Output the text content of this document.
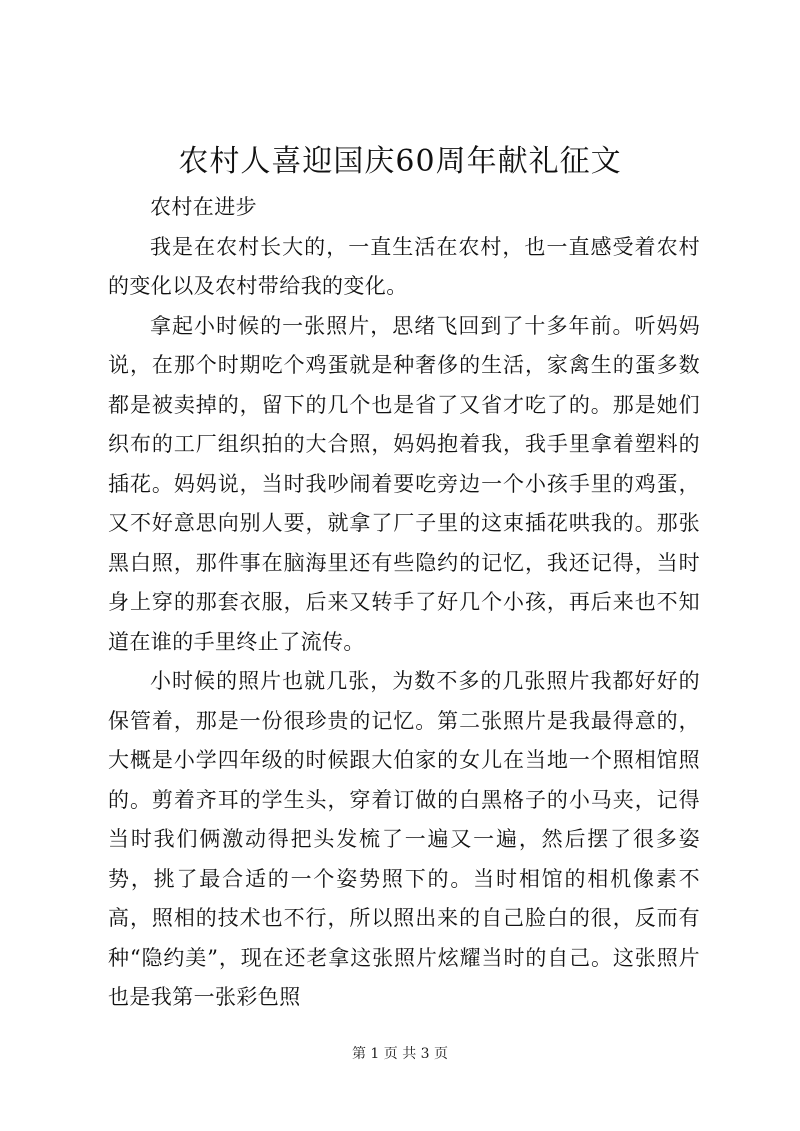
农村人喜迎国庆60周年献礼征文

农村在进步

我是在农村长大的，一直生活在农村，也一直感受着农村的变化以及农村带给我的变化。

拿起小时候的一张照片，思绪飞回到了十多年前。听妈妈说，在那个时期吃个鸡蛋就是种奢侈的生活，家禽生的蛋多数都是被卖掉的，留下的几个也是省了又省才吃了的。那是她们织布的工厂组织拍的大合照，妈妈抱着我，我手里拿着塑料的插花。妈妈说，当时我吵闹着要吃旁边一个小孩手里的鸡蛋，又不好意思向别人要，就拿了厂子里的这束插花哄我的。那张黑白照，那件事在脑海里还有些隐约的记忆，我还记得，当时身上穿的那套衣服，后来又转手了好几个小孩，再后来也不知道在谁的手里终止了流传。

小时候的照片也就几张，为数不多的几张照片我都好好的保管着，那是一份很珍贵的记忆。第二张照片是我最得意的，大概是小学四年级的时候跟大伯家的女儿在当地一个照相馆照的。剪着齐耳的学生头，穿着订做的白黑格子的小马夹，记得当时我们俩激动得把头发梳了一遍又一遍，然后摆了很多姿势，挑了最合适的一个姿势照下的。当时相馆的相机像素不高，照相的技术也不行，所以照出来的自己脸白的很，反而有种“隐约美”，现在还老拿这张照片炫耀当时的自己。这张照片也是我第一张彩色照

第 1 页 共 3 页
